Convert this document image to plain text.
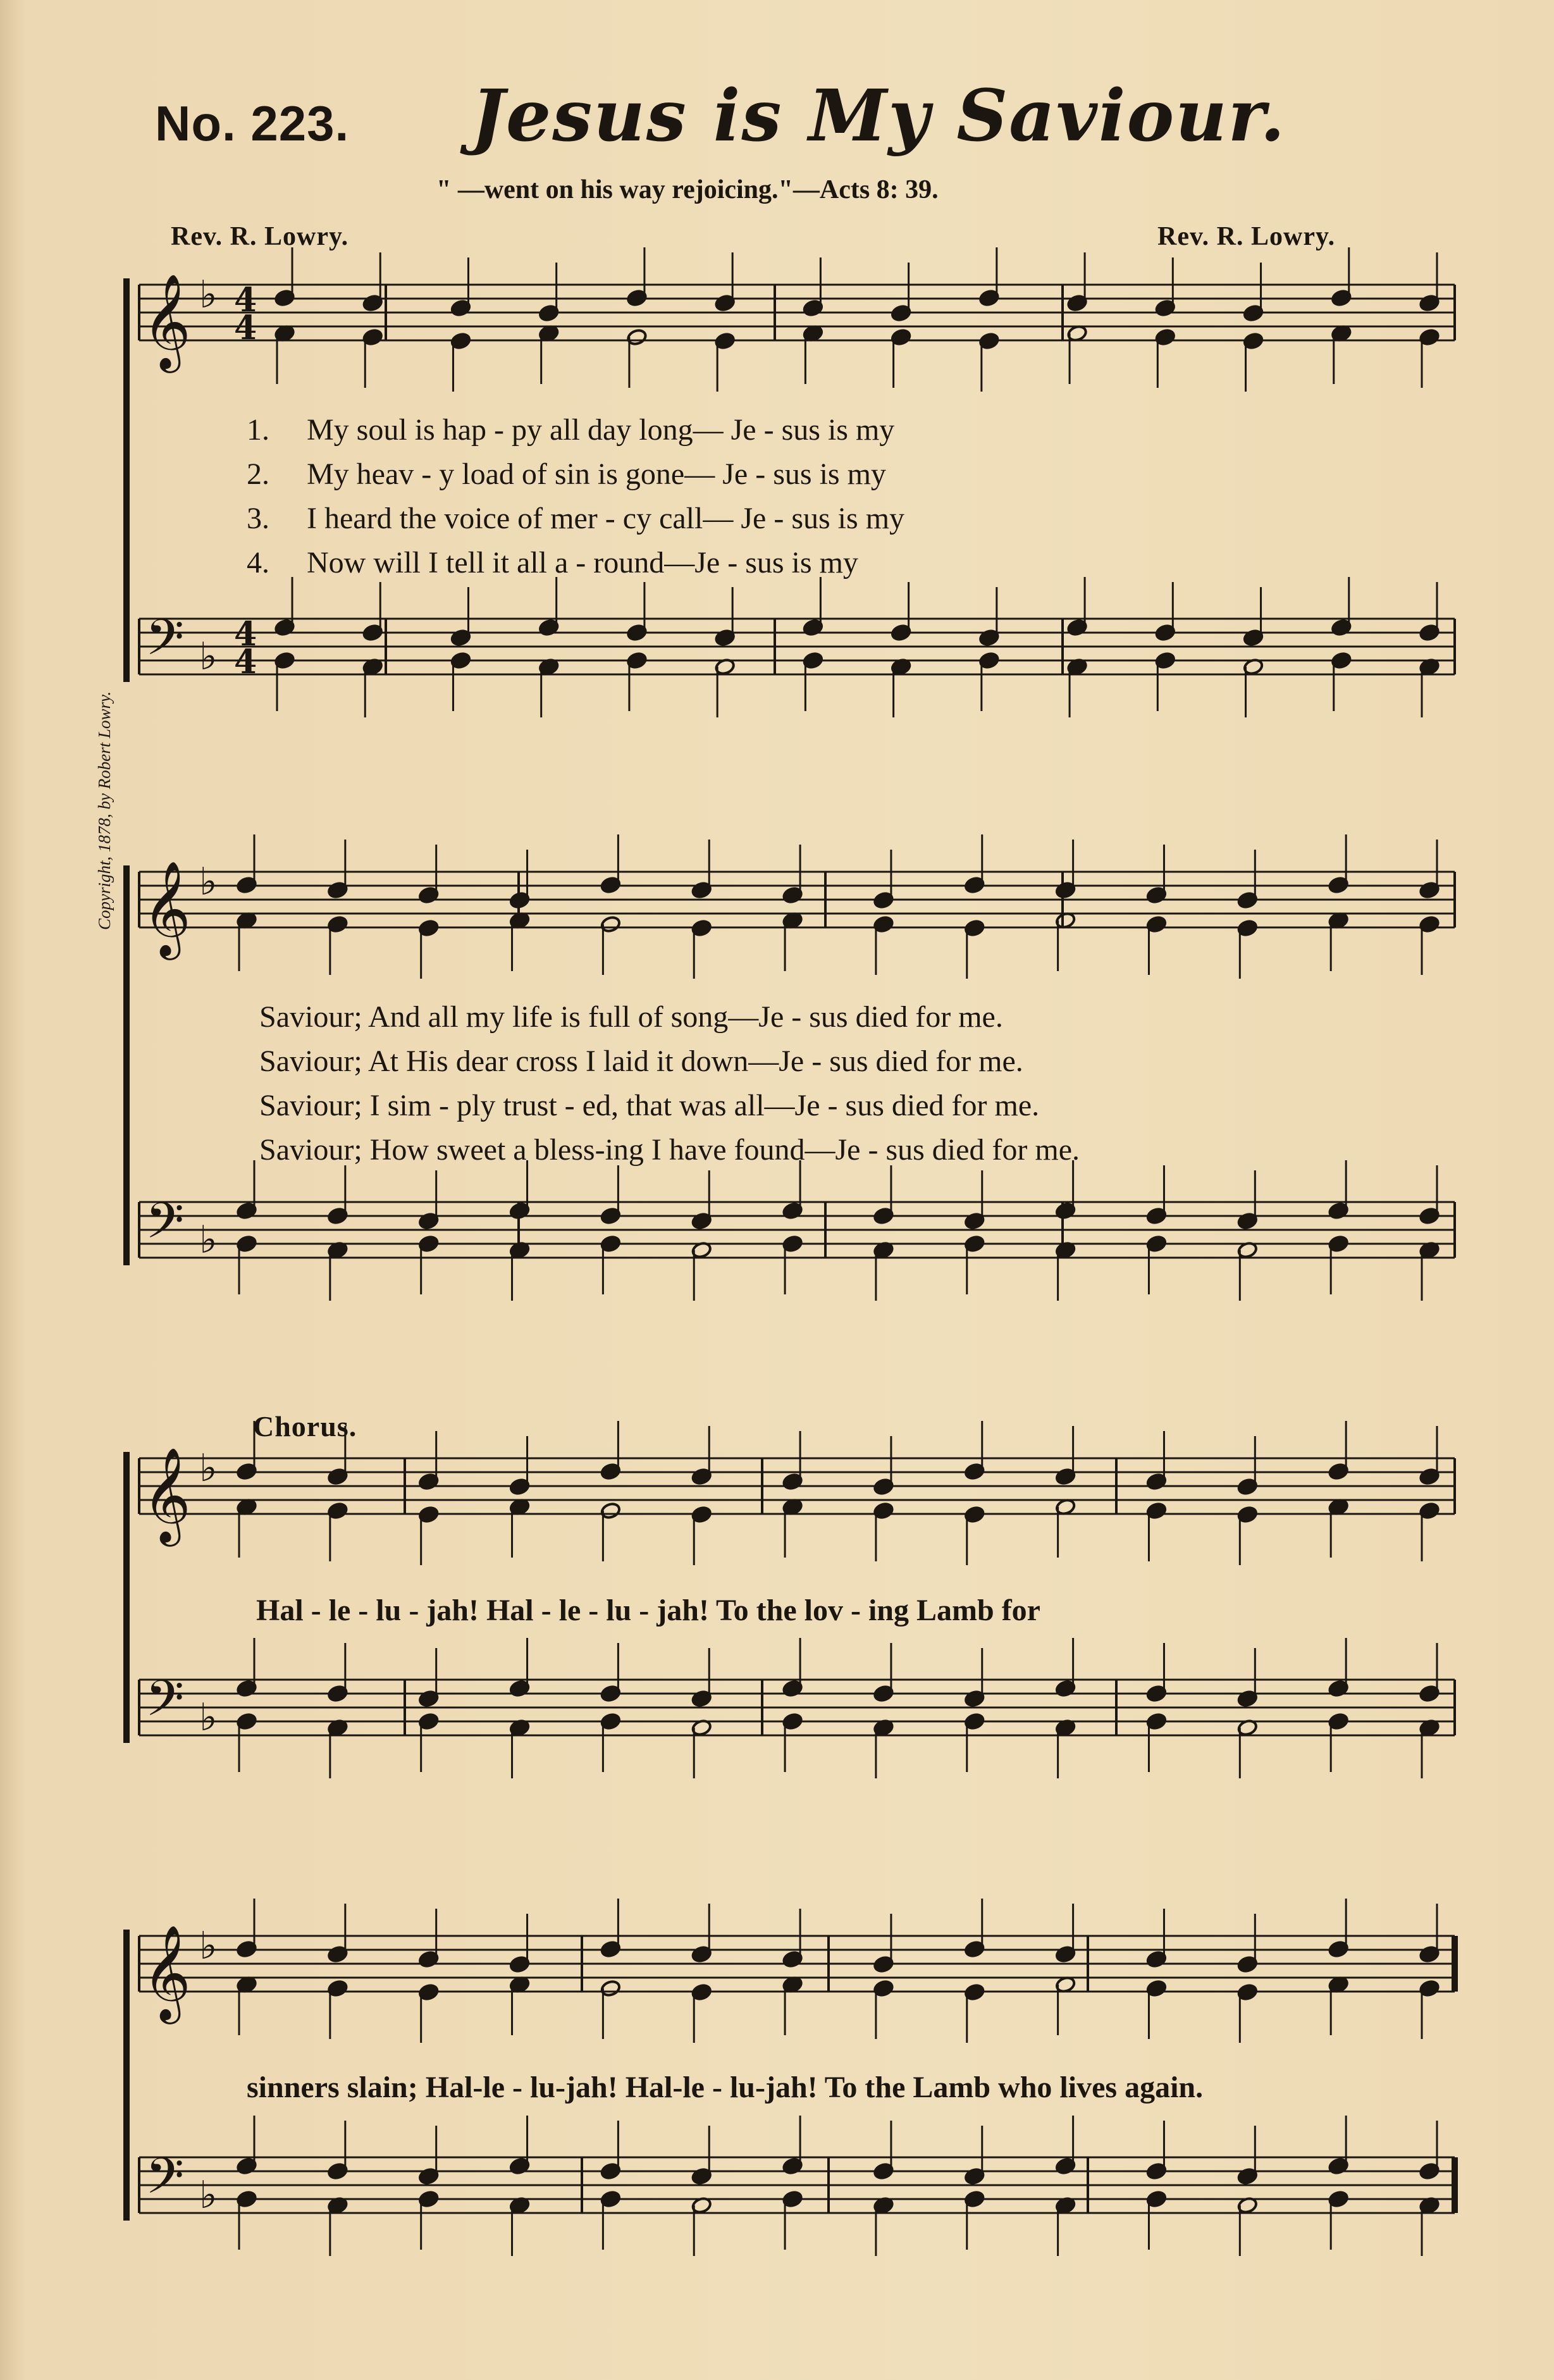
No. 223. Jesus is My Saviour.
" —went on his way rejoicing."—Acts 8: 39.
Rev. R. Lowry.	Rev. R. Lowry.
Copyright, 1878, by Robert Lowry.
𝄞
𝄢
♭
♭
4
4
4
4
𝄞
𝄢
♭
♭
𝄞
𝄢
♭
♭
𝄞
𝄢
♭
♭
1. My soul is hap - py all day long— Je - sus is my
2. My heav - y load of sin is gone— Je - sus is my
3. I heard the voice of mer - cy call— Je - sus is my
4. Now will I tell it all a - round—Je - sus is my
Saviour; And all my life is full of song—Je - sus died for me.
Saviour; At His dear cross I laid it down—Je - sus died for me.
Saviour; I sim - ply trust - ed, that was all—Je - sus died for me.
Saviour; How sweet a bless-ing I have found—Je - sus died for me.
Chorus.
Hal - le - lu - jah! Hal - le - lu - jah! To the lov - ing Lamb for
sinners slain; Hal-le - lu-jah! Hal-le - lu-jah! To the Lamb who lives again.
